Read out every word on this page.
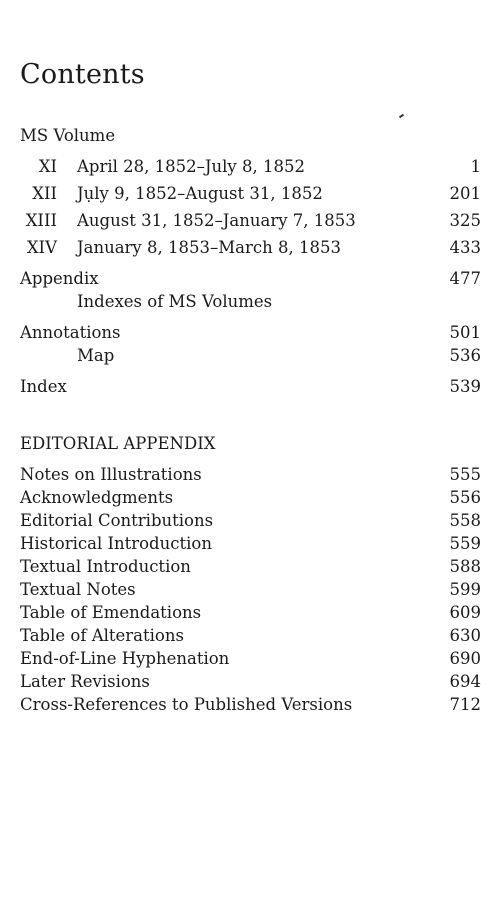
Contents
MS Volume
XI April 28, 1852–July 8, 1852	1
XII Jụly 9, 1852–August 31, 1852	201
XIII August 31, 1852–January 7, 1853	325
XIV January 8, 1853–March 8, 1853	433
Appendix	477
Indexes of MS Volumes
Annotations	501
Map	536
Index	539
EDITORIAL APPENDIX
Notes on Illustrations	555
Acknowledgments	556
Editorial Contributions	558
Historical Introduction	559
Textual Introduction	588
Textual Notes	599
Table of Emendations	609
Table of Alterations	630
End-of-Line Hyphenation	690
Later Revisions	694
Cross-References to Published Versions	712
